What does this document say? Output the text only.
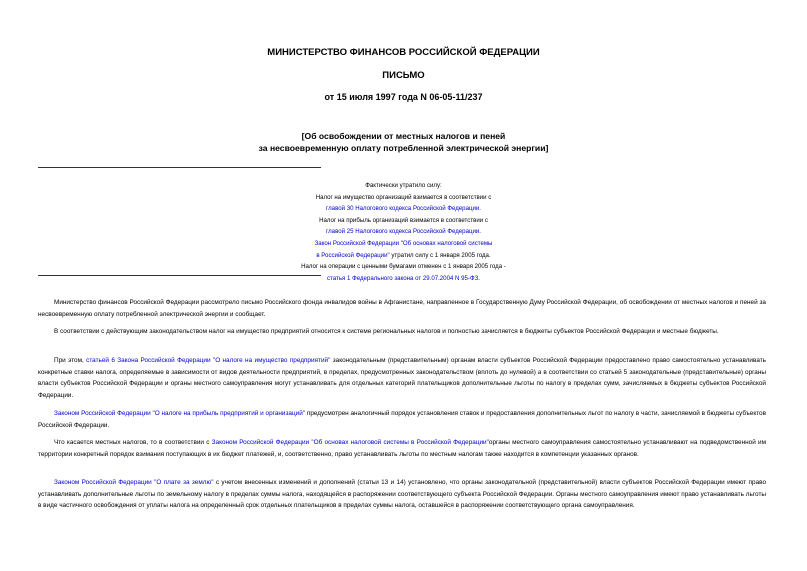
МИНИСТЕРСТВО ФИНАНСОВ РОССИЙСКОЙ ФЕДЕРАЦИИ
ПИСЬМО
от 15 июля 1997 года N 06-05-11/237
[Об освобождении от местных налогов и пеней
за несвоевременную оплату потребленной электрической энергии]
Фактически утратило силу:
Налог на имущество организаций взимается в соответствии с
главой 30 Налогового кодекса Российской Федерации.
Налог на прибыль организаций взимается в соответствии с
главой 25 Налогового кодекса Российской Федерации.
Закон Российской Федерации "Об основах налоговой системы
в Российской Федерации" утратил силу с 1 января 2005 года.
Налог на операции с ценными бумагами отменен с 1 января 2005 года -
статья 1 Федерального закона от 29.07.2004 N 95-ФЗ.

Министерство финансов Российской Федерации рассмотрело письмо Российского фонда инвалидов войны в Афганистане, направленное в Государственную Думу Российской Федерации, об освобождении от местных налогов и пеней за несвоевременную оплату потребленной электрической энергии и сообщает.

В соответствии с действующим законодательством налог на имущество предприятий относится к системе региональных налогов и полностью зачисляется в бюджеты субъектов Российской Федерации и местные бюджеты.

При этом, статьей 6 Закона Российской Федерации "О налоге на имущество предприятий" законодательным (представительным) органам власти субъектов Российской Федерации предоставлено право самостоятельно устанавливать конкретные ставки налога, определяемые в зависимости от видов деятельности предприятий, в пределах, предусмотренных законодательством (вплоть до нулевой) а в соответствии со статьей 5 законодательные (представительные) органы власти субъектов Российской Федерации и органы местного самоуправления могут устанавливать для отдельных категорий плательщиков дополнительные льготы по налогу в пределах сумм, зачисляемых в бюджеты субъектов Российской Федерации.

Законом Российской Федерации "О налоге на прибыль предприятий и организаций" предусмотрен аналогичный порядок установления ставок и предоставления дополнительных льгот по налогу в части, зачисляемой в бюджеты субъектов Российской Федерации.

Что касается местных налогов, то в соответствии с Законом Российской Федерации "Об основах налоговой системы в Российской Федерации"органы местного самоуправления самостоятельно устанавливают на подведомственной им территории конкретный порядок взимания поступающих в их бюджет платежей, и, соответственно, право устанавливать льготы по местным налогам также находится в компетенции указанных органов.

Законом Российской Федерации "О плате за землю" с учетом внесенных изменений и дополнений (статьи 13 и 14) установлено, что органы законодательной (представительной) власти субъектов Российской Федерации имеют право устанавливать дополнительные льготы по земельному налогу в пределах суммы налога, находящейся в распоряжении соответствующего субъекта Российской Федерации. Органы местного самоуправления имеют право устанавливать льготы в виде частичного освобождения от уплаты налога на определенный срок отдельных плательщиков в пределах суммы налога, оставшейся в распоряжении соответствующего органа самоуправления.
